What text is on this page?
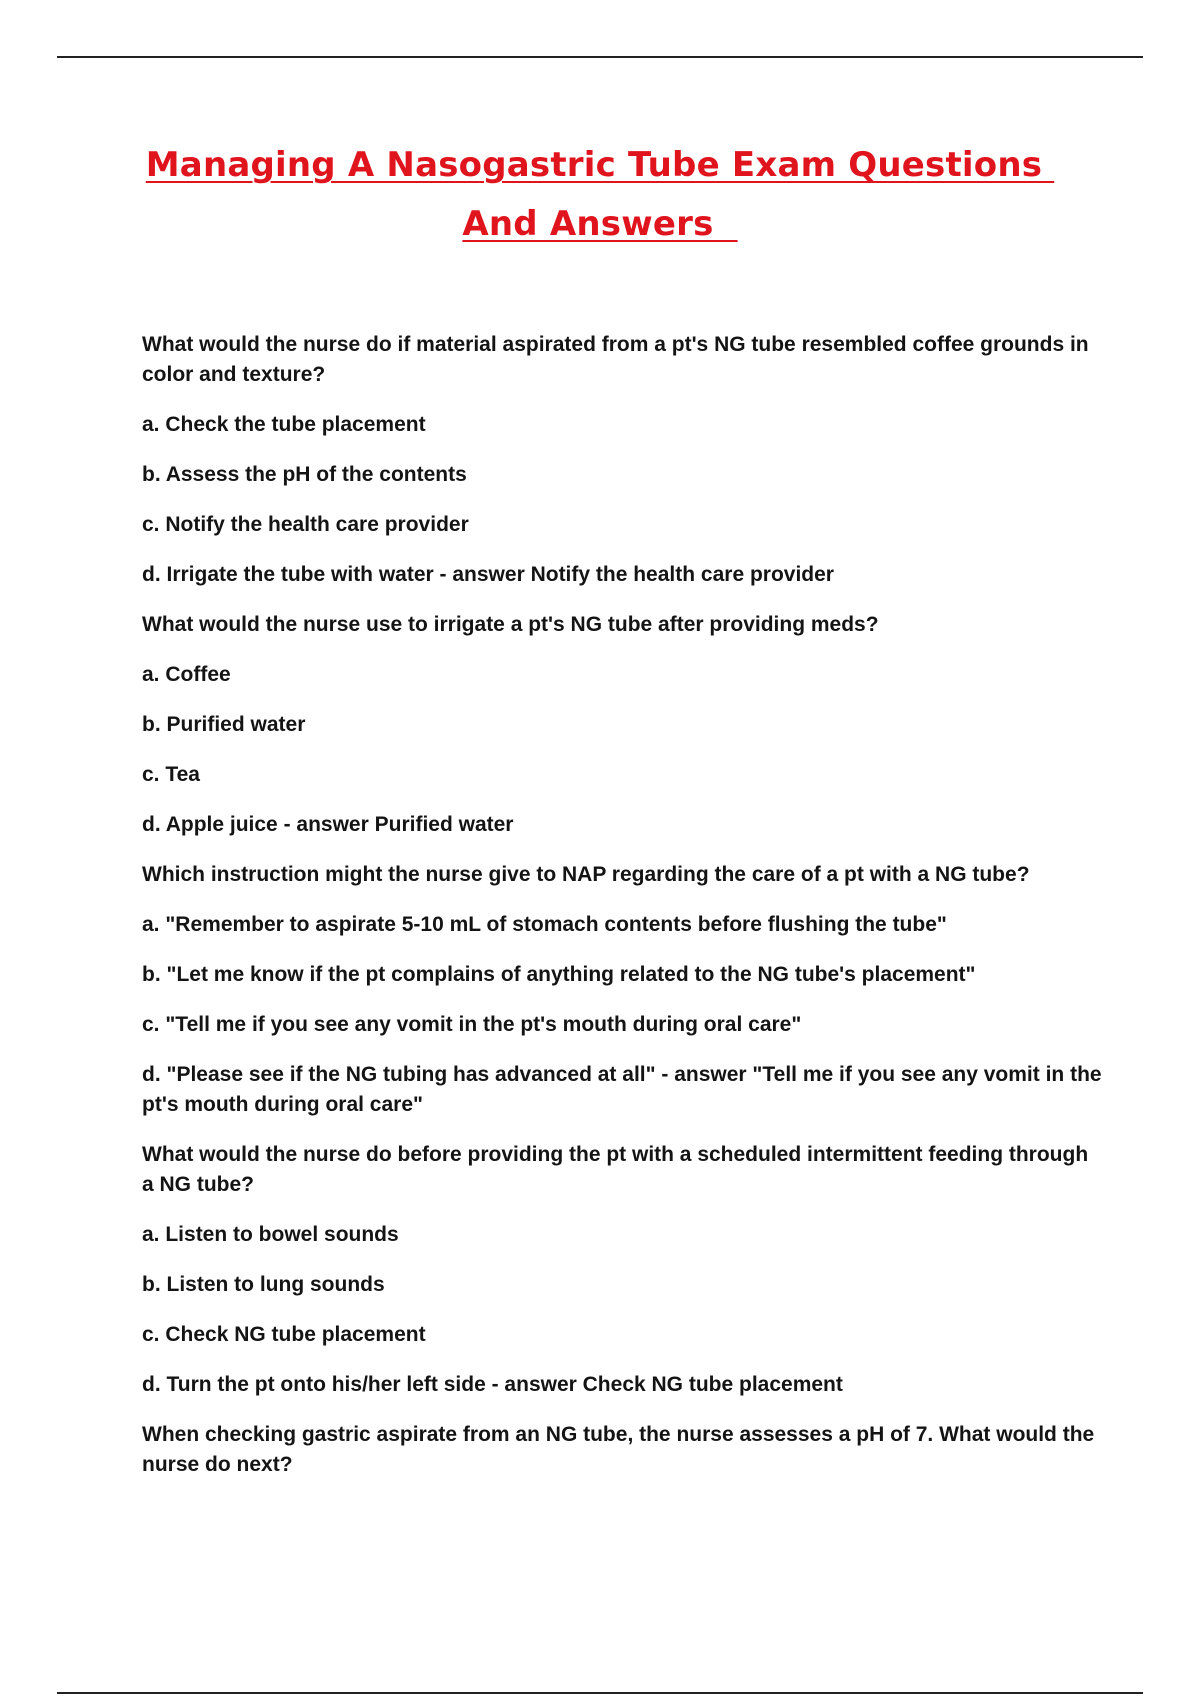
Managing A Nasogastric Tube Exam Questions
And Answers

What would the nurse do if material aspirated from a pt's NG tube resembled coffee grounds in color and texture?

a. Check the tube placement

b. Assess the pH of the contents

c. Notify the health care provider

d. Irrigate the tube with water - answer Notify the health care provider

What would the nurse use to irrigate a pt's NG tube after providing meds?

a. Coffee

b. Purified water

c. Tea

d. Apple juice - answer Purified water

Which instruction might the nurse give to NAP regarding the care of a pt with a NG tube?

a. "Remember to aspirate 5-10 mL of stomach contents before flushing the tube"

b. "Let me know if the pt complains of anything related to the NG tube's placement"

c. "Tell me if you see any vomit in the pt's mouth during oral care"

d. "Please see if the NG tubing has advanced at all" - answer "Tell me if you see any vomit in the pt's mouth during oral care"

What would the nurse do before providing the pt with a scheduled intermittent feeding through a NG tube?

a. Listen to bowel sounds

b. Listen to lung sounds

c. Check NG tube placement

d. Turn the pt onto his/her left side - answer Check NG tube placement

When checking gastric aspirate from an NG tube, the nurse assesses a pH of 7. What would the nurse do next?
